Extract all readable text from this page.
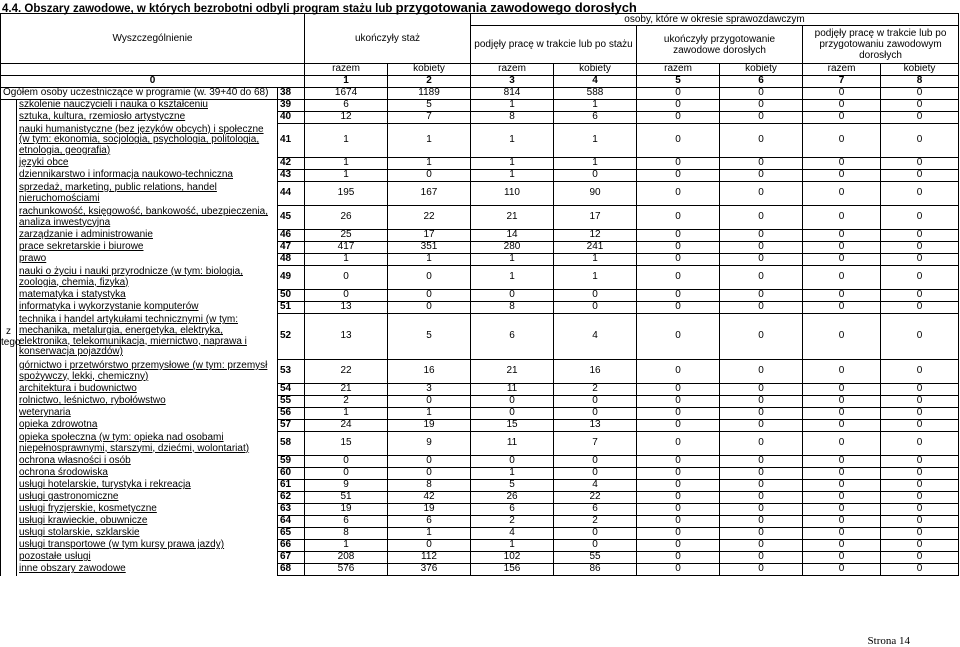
4.4. Obszary zawodowe, w których bezrobotni odbyli program stażu lub przygotowania zawodowego dorosłych
Wyszczególnienie			ukończyły staż		osoby, które w okresie sprawozdawczym					
					podjęły pracę w trakcie lub po stażu		ukończyły przygotowanie zawodowe dorosłych		podjęły pracę w trakcie lub po przygotowaniu zawodowym dorosłych	
			razem	kobiety	razem	kobiety	razem	kobiety	razem	kobiety
0			1	2	3	4	5	6	7	8
Ogółem osoby uczestniczące w programie (w. 39+40 do 68)		38	1674	1189	814	588	0	0	0	0

z
tego	szkolenie nauczycieli i nauka o kształceniu	39	6	5	1	1	0	0	0	0
	sztuka, kultura, rzemiosło artystyczne	40	12	7	8	6	0	0	0	0
	nauki humanistyczne (bez języków obcych) i społeczne (w tym: ekonomia, socjologia, psychologia, politologia, etnologia, geografia)	41	1	1	1	1	0	0	0	0
	języki obce	42	1	1	1	1	0	0	0	0
	dziennikarstwo i informacja naukowo-techniczna	43	1	0	1	0	0	0	0	0
	sprzedaż, marketing, public relations, handel nieruchomościami	44	195	167	110	90	0	0	0	0
	rachunkowość, księgowość, bankowość, ubezpieczenia, analiza inwestycyjna	45	26	22	21	17	0	0	0	0
	zarządzanie i administrowanie	46	25	17	14	12	0	0	0	0
	prace sekretarskie i biurowe	47	417	351	280	241	0	0	0	0
	prawo	48	1	1	1	1	0	0	0	0
	nauki o życiu i nauki przyrodnicze (w tym: biologia, zoologia, chemia, fizyka)	49	0	0	1	1	0	0	0	0
	matematyka i statystyka	50	0	0	0	0	0	0	0	0
	informatyka i wykorzystanie komputerów	51	13	0	8	0	0	0	0	0
	technika i handel artykułami technicznymi (w tym: mechanika, metalurgia, energetyka, elektryka, elektronika, telekomunikacja, miernictwo, naprawa i konserwacja pojazdów)	52	13	5	6	4	0	0	0	0
	górnictwo i przetwórstwo przemysłowe (w tym: przemysł spożywczy, lekki, chemiczny)	53	22	16	21	16	0	0	0	0
	architektura i budownictwo	54	21	3	11	2	0	0	0	0
	rolnictwo, leśnictwo, rybołówstwo	55	2	0	0	0	0	0	0	0
	weterynaria	56	1	1	0	0	0	0	0	0
	opieka zdrowotna	57	24	19	15	13	0	0	0	0
	opieka społeczna (w tym: opieka nad osobami niepełnosprawnymi, starszymi, dziećmi, wolontariat)	58	15	9	11	7	0	0	0	0
	ochrona własności i osób	59	0	0	0	0	0	0	0	0
	ochrona środowiska	60	0	0	1	0	0	0	0	0
	usługi hotelarskie, turystyka i rekreacja	61	9	8	5	4	0	0	0	0
	usługi gastronomiczne	62	51	42	26	22	0	0	0	0
	usługi fryzjerskie, kosmetyczne	63	19	19	6	6	0	0	0	0
	usługi krawieckie, obuwnicze	64	6	6	2	2	0	0	0	0
	usługi stolarskie, szklarskie	65	8	1	4	0	0	0	0	0
	usługi transportowe (w tym kursy prawa jazdy)	66	1	0	1	0	0	0	0	0
	pozostałe usługi	67	208	112	102	55	0	0	0	0
	inne obszary zawodowe	68	576	376	156	86	0	0	0	0
Strona 14
